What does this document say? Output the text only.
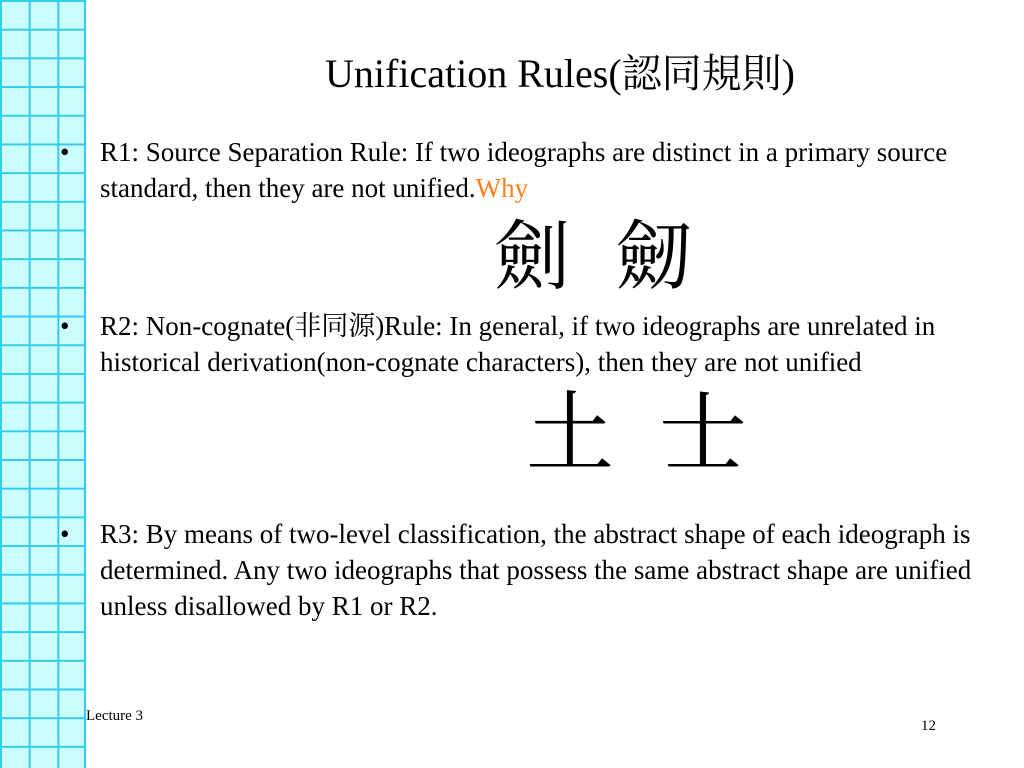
Unification Rules(認同規則)
•	R1: Source Separation Rule: If two ideographs are distinct in a primary source standard, then they are not unified.Why
劍 劒
•	R2: Non-cognate(非同源)Rule: In general, if two ideographs are unrelated in historical derivation(non-cognate characters), then they are not unified
土 士
•	R3: By means of two-level classification, the abstract shape of each ideograph is determined. Any two ideographs that possess the same abstract shape are unified unless disallowed by R1 or R2.
Lecture 3
12
